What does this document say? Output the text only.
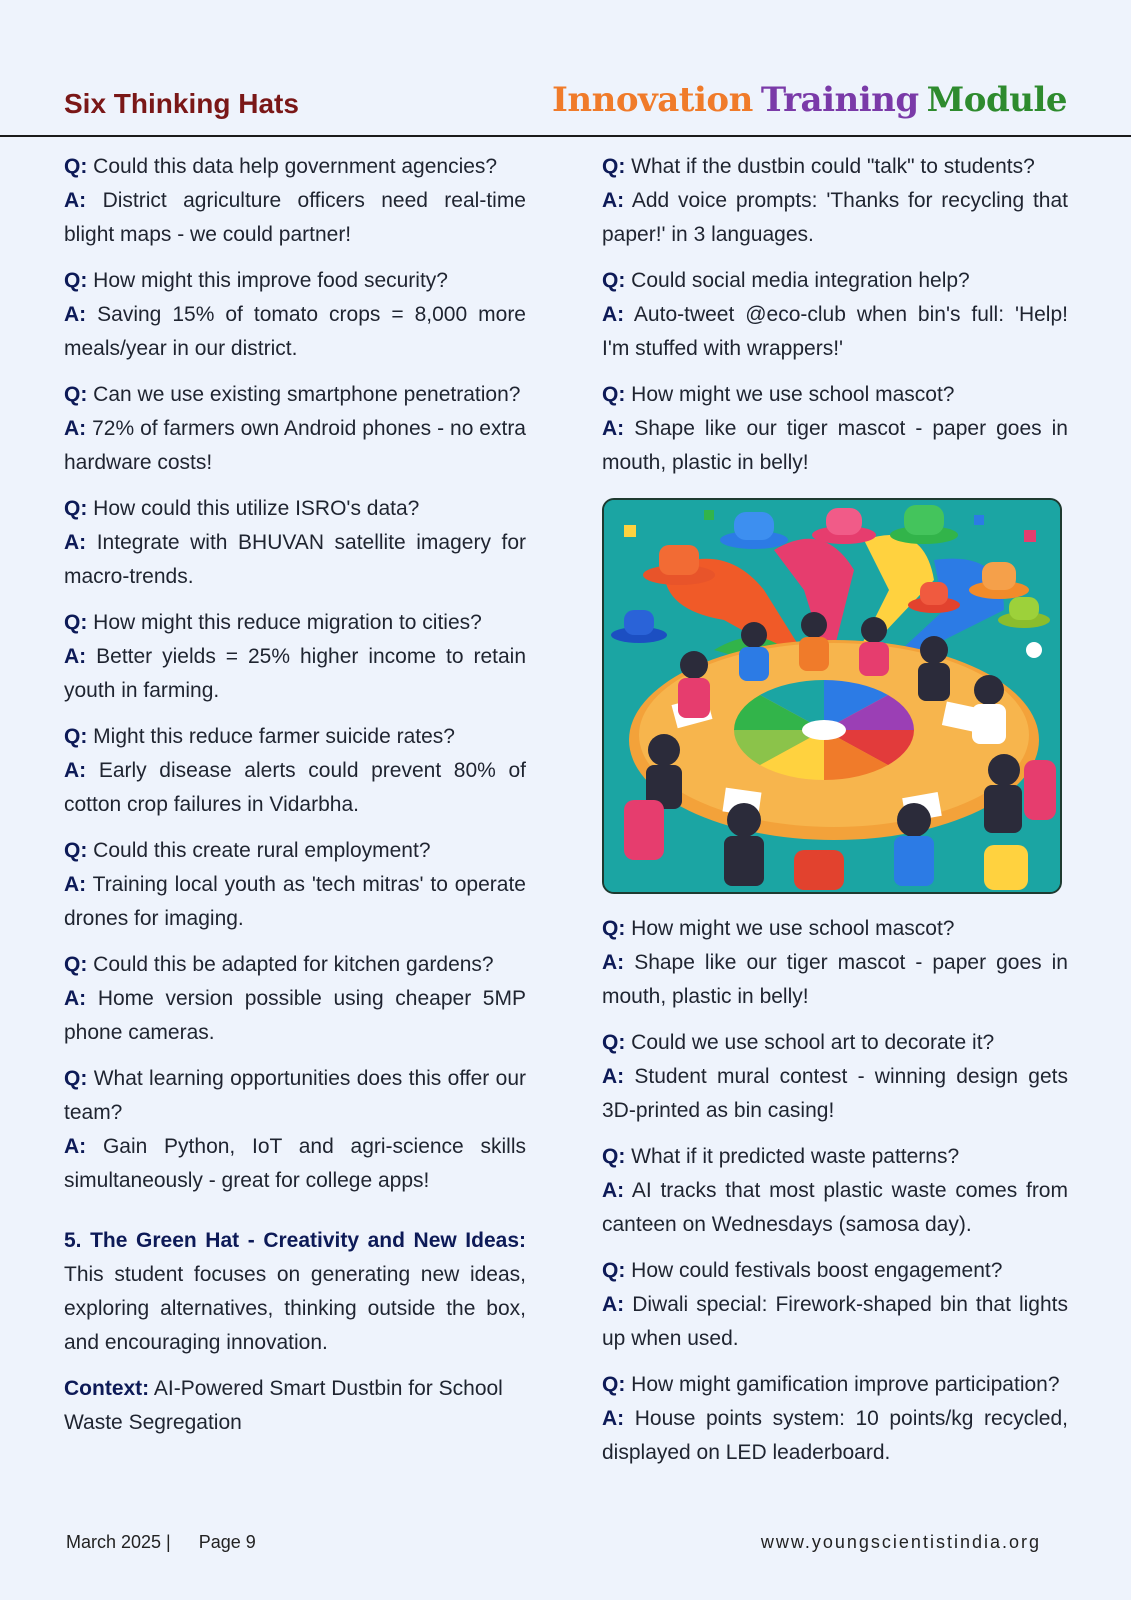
Six Thinking Hats	Innovation Training Module

Q: Could this data help government agencies?

A: District agriculture officers need real-time blight maps - we could partner!

Q: How might this improve food security?

A: Saving 15% of tomato crops = 8,000 more meals/year in our district.

Q: Can we use existing smartphone penetration?

A: 72% of farmers own Android phones - no extra hardware costs!

Q: How could this utilize ISRO's data?

A: Integrate with BHUVAN satellite imagery for macro-trends.

Q: How might this reduce migration to cities?

A: Better yields = 25% higher income to retain youth in farming.

Q: Might this reduce farmer suicide rates?

A: Early disease alerts could prevent 80% of cotton crop failures in Vidarbha.

Q: Could this create rural employment?

A: Training local youth as 'tech mitras' to operate drones for imaging.

Q: Could this be adapted for kitchen gardens?

A: Home version possible using cheaper 5MP phone cameras.

Q: What learning opportunities does this offer our team?

A: Gain Python, IoT and agri-science skills simultaneously - great for college apps!

5. The Green Hat - Creativity and New Ideas: This student focuses on generating new ideas, exploring alternatives, thinking outside the box, and encouraging innovation.

Context: AI-Powered Smart Dustbin for School Waste Segregation

Q: What if the dustbin could "talk" to students?

A: Add voice prompts: 'Thanks for recycling that paper!' in 3 languages.

Q: Could social media integration help?

A: Auto-tweet @eco-club when bin's full: 'Help! I'm stuffed with wrappers!'

Q: How might we use school mascot?

A: Shape like our tiger mascot - paper goes in mouth, plastic in belly!

Q: How might we use school mascot?

A: Shape like our tiger mascot - paper goes in mouth, plastic in belly!

Q: Could we use school art to decorate it?

A: Student mural contest - winning design gets 3D-printed as bin casing!

Q: What if it predicted waste patterns?

A: AI tracks that most plastic waste comes from canteen on Wednesdays (samosa day).

Q: How could festivals boost engagement?

A: Diwali special: Firework-shaped bin that lights up when used.

Q: How might gamification improve participation?

A: House points system: 10 points/kg recycled, displayed on LED leaderboard.

March 2025 | Page 9	www.youngscientistindia.org
